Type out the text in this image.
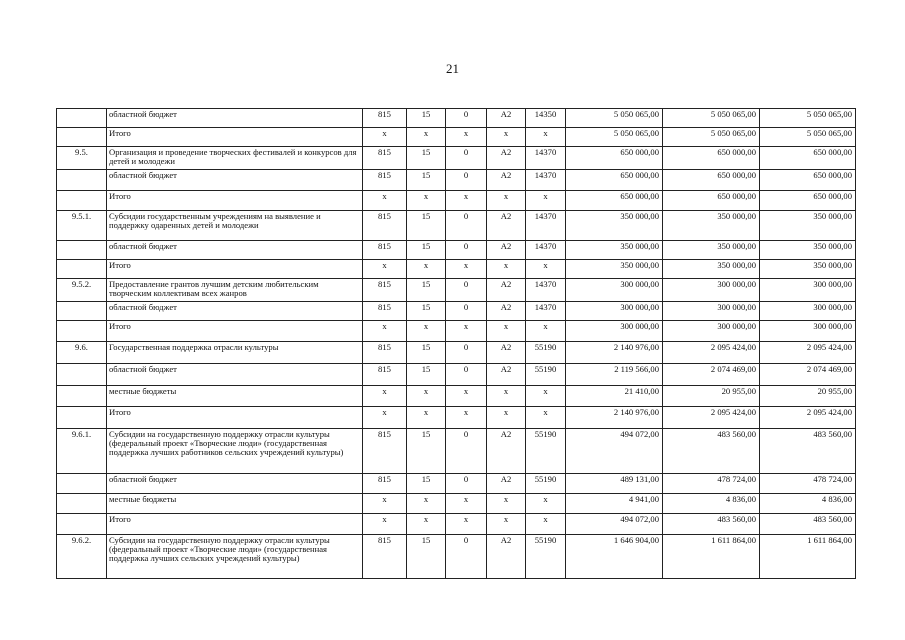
21
	областной бюджет	815	15	0	А2	14350	5 050 065,00	5 050 065,00	5 050 065,00
	Итого	х	х	х	х	х	5 050 065,00	5 050 065,00	5 050 065,00
9.5.	Организация и проведение творческих фестивалей и конкурсов для детей и молодежи	815	15	0	А2	14370	650 000,00	650 000,00	650 000,00
	областной бюджет	815	15	0	А2	14370	650 000,00	650 000,00	650 000,00
	Итого	х	х	х	х	х	650 000,00	650 000,00	650 000,00
9.5.1.	Субсидии государственным учреждениям на выявление и поддержку одаренных детей и молодежи	815	15	0	А2	14370	350 000,00	350 000,00	350 000,00
	областной бюджет	815	15	0	А2	14370	350 000,00	350 000,00	350 000,00
	Итого	х	х	х	х	х	350 000,00	350 000,00	350 000,00
9.5.2.	Предоставление грантов лучшим детским любительским творческим коллективам всех жанров	815	15	0	А2	14370	300 000,00	300 000,00	300 000,00
	областной бюджет	815	15	0	А2	14370	300 000,00	300 000,00	300 000,00
	Итого	х	х	х	х	х	300 000,00	300 000,00	300 000,00
9.6.	Государственная поддержка отрасли культуры	815	15	0	А2	55190	2 140 976,00	2 095 424,00	2 095 424,00
	областной бюджет	815	15	0	А2	55190	2 119 566,00	2 074 469,00	2 074 469,00
	местные бюджеты	х	х	х	х	х	21 410,00	20 955,00	20 955,00
	Итого	х	х	х	х	х	2 140 976,00	2 095 424,00	2 095 424,00
9.6.1.	Субсидии на государственную поддержку отрасли культуры (федеральный проект «Творческие люди» (государственная поддержка лучших работников сельских учреждений культуры)	815	15	0	А2	55190	494 072,00	483 560,00	483 560,00
	областной бюджет	815	15	0	А2	55190	489 131,00	478 724,00	478 724,00
	местные бюджеты	х	х	х	х	х	4 941,00	4 836,00	4 836,00
	Итого	х	х	х	х	х	494 072,00	483 560,00	483 560,00
9.6.2.	Субсидии на государственную поддержку отрасли культуры (федеральный проект «Творческие люди» (государственная поддержка лучших сельских учреждений культуры)	815	15	0	А2	55190	1 646 904,00	1 611 864,00	1 611 864,00
